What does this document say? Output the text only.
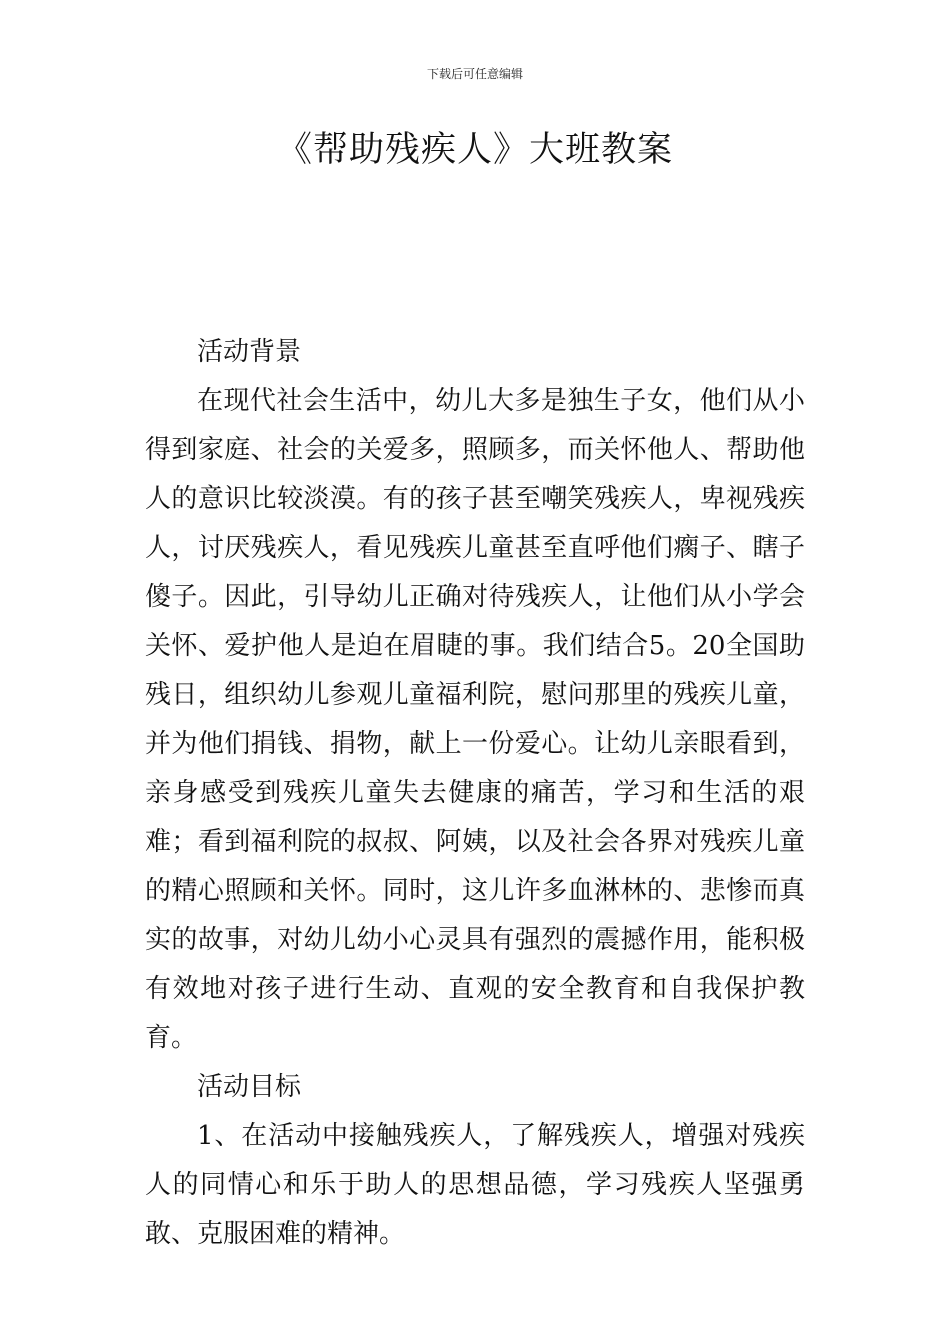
下载后可任意编辑
《帮助残疾人》大班教案

活动背景

在现代社会生活中，幼儿大多是独生子女，他们从小得到家庭、社会的关爱多，照顾多，而关怀他人、帮助他人的意识比较淡漠。有的孩子甚至嘲笑残疾人，卑视残疾人，讨厌残疾人，看见残疾儿童甚至直呼他们瘸子、瞎子傻子。因此，引导幼儿正确对待残疾人，让他们从小学会关怀、爱护他人是迫在眉睫的事。我们结合5。20全国助残日，组织幼儿参观儿童福利院，慰问那里的残疾儿童，并为他们捐钱、捐物，献上一份爱心。让幼儿亲眼看到，亲身感受到残疾儿童失去健康的痛苦，学习和生活的艰难；看到福利院的叔叔、阿姨，以及社会各界对残疾儿童的精心照顾和关怀。同时，这儿许多血淋林的、悲惨而真实的故事，对幼儿幼小心灵具有强烈的震撼作用，能积极有效地对孩子进行生动、直观的安全教育和自我保护教育。

活动目标

1、在活动中接触残疾人，了解残疾人，增强对残疾人的同情心和乐于助人的思想品德，学习残疾人坚强勇敢、克服困难的精神。
